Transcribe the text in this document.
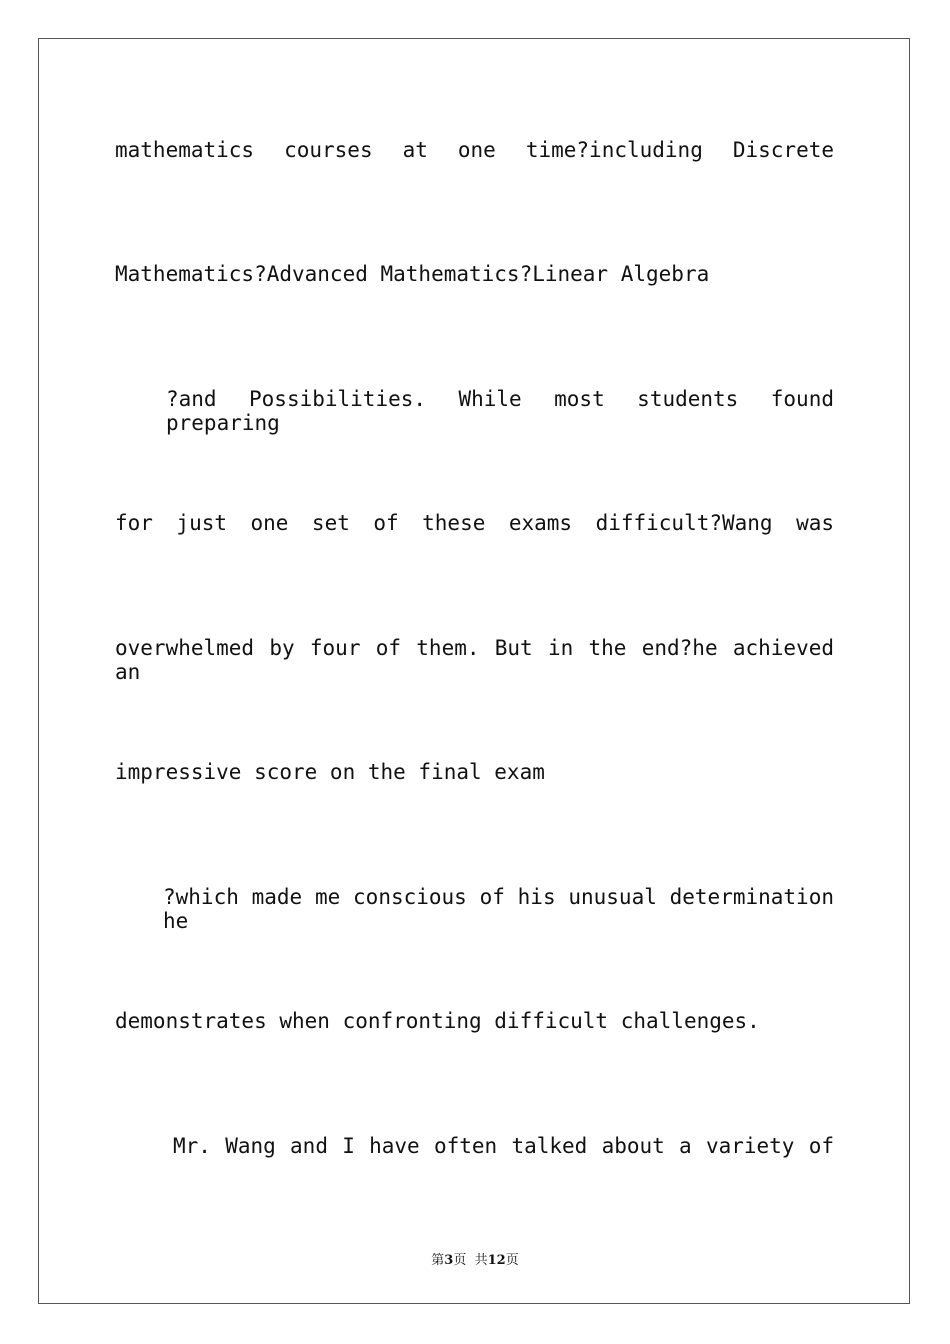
mathematics courses at one time?including Discrete
Mathematics?Advanced Mathematics?Linear Algebra
?and Possibilities. While most students found preparing
for just one set of these exams difficult?Wang was
overwhelmed by four of them. But in the end?he achieved an
impressive score on the final exam
?which made me conscious of his unusual determination he
demonstrates when confronting difficult challenges.
Mr. Wang and I have often talked about a variety of
第3页  共12页
